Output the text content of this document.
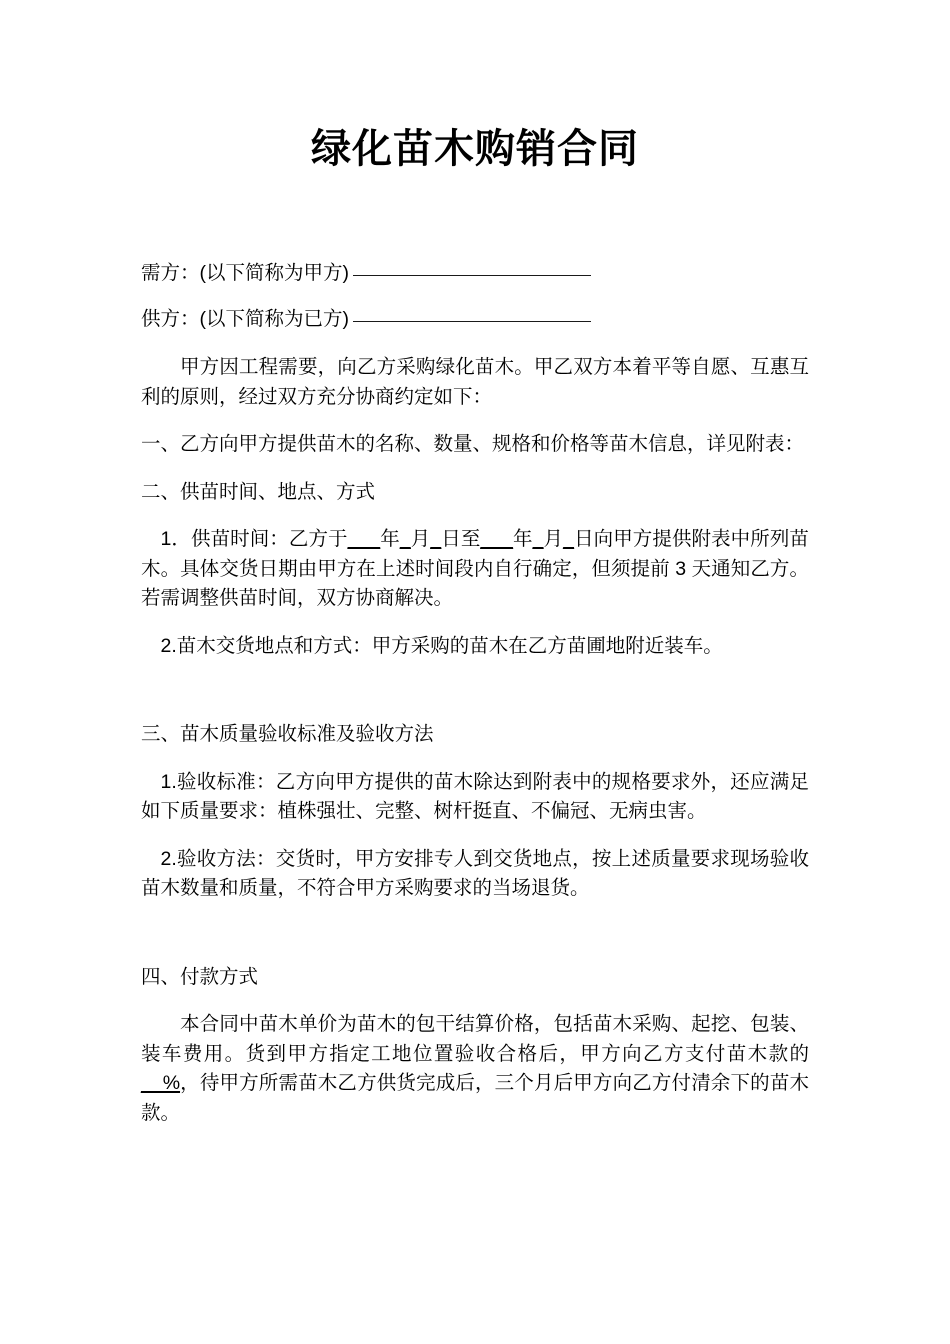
绿化苗木购销合同

需方：(以下简称为甲方)

供方：(以下简称为已方)

甲方因工程需要，向乙方采购绿化苗木。甲乙双方本着平等自愿、互惠互利的原则，经过双方充分协商约定如下：

一、乙方向甲方提供苗木的名称、数量、规格和价格等苗木信息，详见附表：

二、供苗时间、地点、方式

1．供苗时间：乙方于___年_月_日至___年_月_日向甲方提供附表中所列苗木。具体交货日期由甲方在上述时间段内自行确定，但须提前 3 天通知乙方。若需调整供苗时间，双方协商解决。

2.苗木交货地点和方式：甲方采购的苗木在乙方苗圃地附近装车。

三、苗木质量验收标准及验收方法

1.验收标准：乙方向甲方提供的苗木除达到附表中的规格要求外，还应满足如下质量要求：植株强壮、完整、树杆挺直、不偏冠、无病虫害。

2.验收方法：交货时，甲方安排专人到交货地点，按上述质量要求现场验收苗木数量和质量，不符合甲方采购要求的当场退货。

四、付款方式

本合同中苗木单价为苗木的包干结算价格，包括苗木采购、起挖、包装、装车费用。货到甲方指定工地位置验收合格后，甲方向乙方支付苗木款的__%，待甲方所需苗木乙方供货完成后，三个月后甲方向乙方付清余下的苗木款。
